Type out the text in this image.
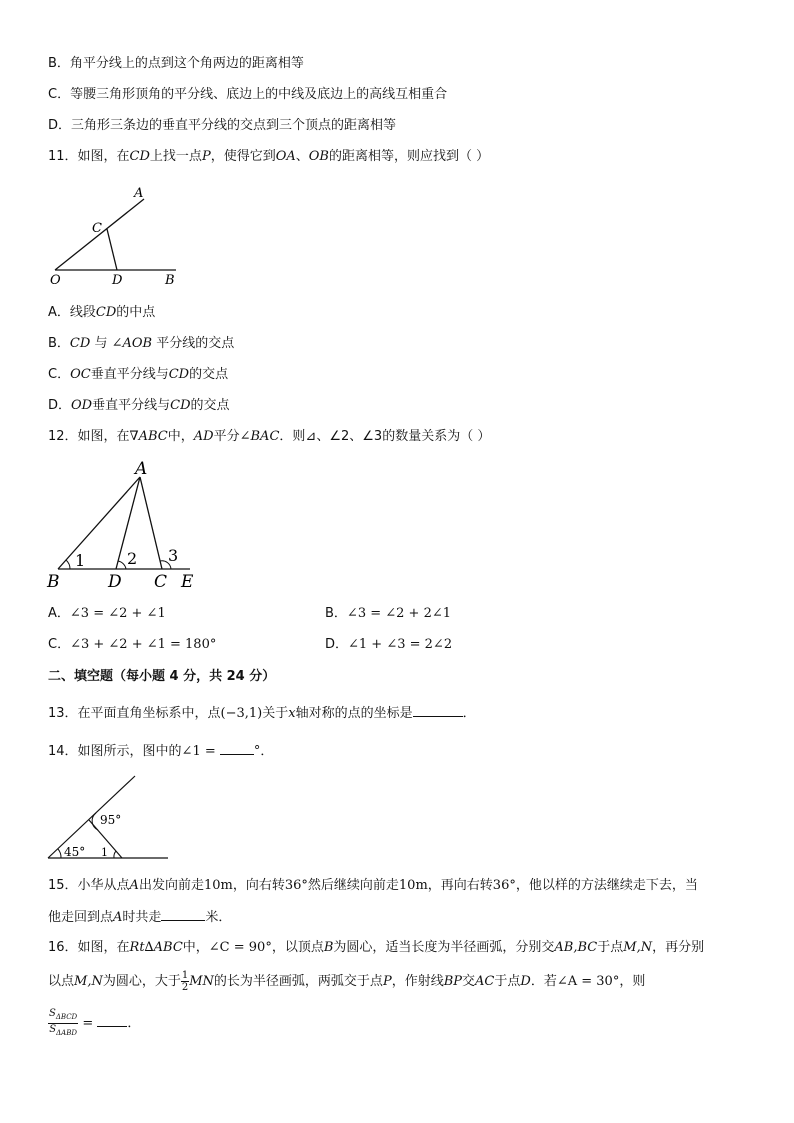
B．角平分线上的点到这个角两边的距离相等
C．等腰三角形顶角的平分线、底边上的中线及底边上的高线互相重合
D．三角形三条边的垂直平分线的交点到三个顶点的距离相等
11．如图，在CD上找一点P，使得它到OA、OB的距离相等，则应找到（ ）
A
C
O	D	B
A．线段CD的中点
B．CD 与 ∠AOB 平分线的交点
C．OC垂直平分线与CD的交点
D．OD垂直平分线与CD的交点
12．如图，在∇ABC中，AD平分∠BAC．则⊿、∠2、∠3的数量关系为（ ）
A
1	2 3
B	D C E
A．∠3 = ∠2 + ∠1	B．∠3 = ∠2 + 2∠1
C．∠3 + ∠2 + ∠1 = 180°	D．∠1 + ∠3 = 2∠2
二、填空题（每小题 4 分，共 24 分）
13．在平面直角坐标系中，点(−3,1)关于x轴对称的点的坐标是	．
14．如图所示，图中的∠1 =	°．
95°
45° 1
15．小华从点A出发向前走10m，向右转36°然后继续向前走10m，再向右转36°，他以样的方法继续走下去，当
他走回到点A时共走	米．
16．如图，在Rt∆ABC中，∠C = 90°，以顶点B为圆心，适当长度为半径画弧，分别交AB,BC于点M,N，再分别
以点M,N为圆心，大于 $\frac{1}{2}$ MN的长为半径画弧，两弧交于点P，作射线BP交AC于点D．若∠A = 30°，则
$\frac{S_{\Delta BCD}}{S_{\Delta ABD}}$ =	．
